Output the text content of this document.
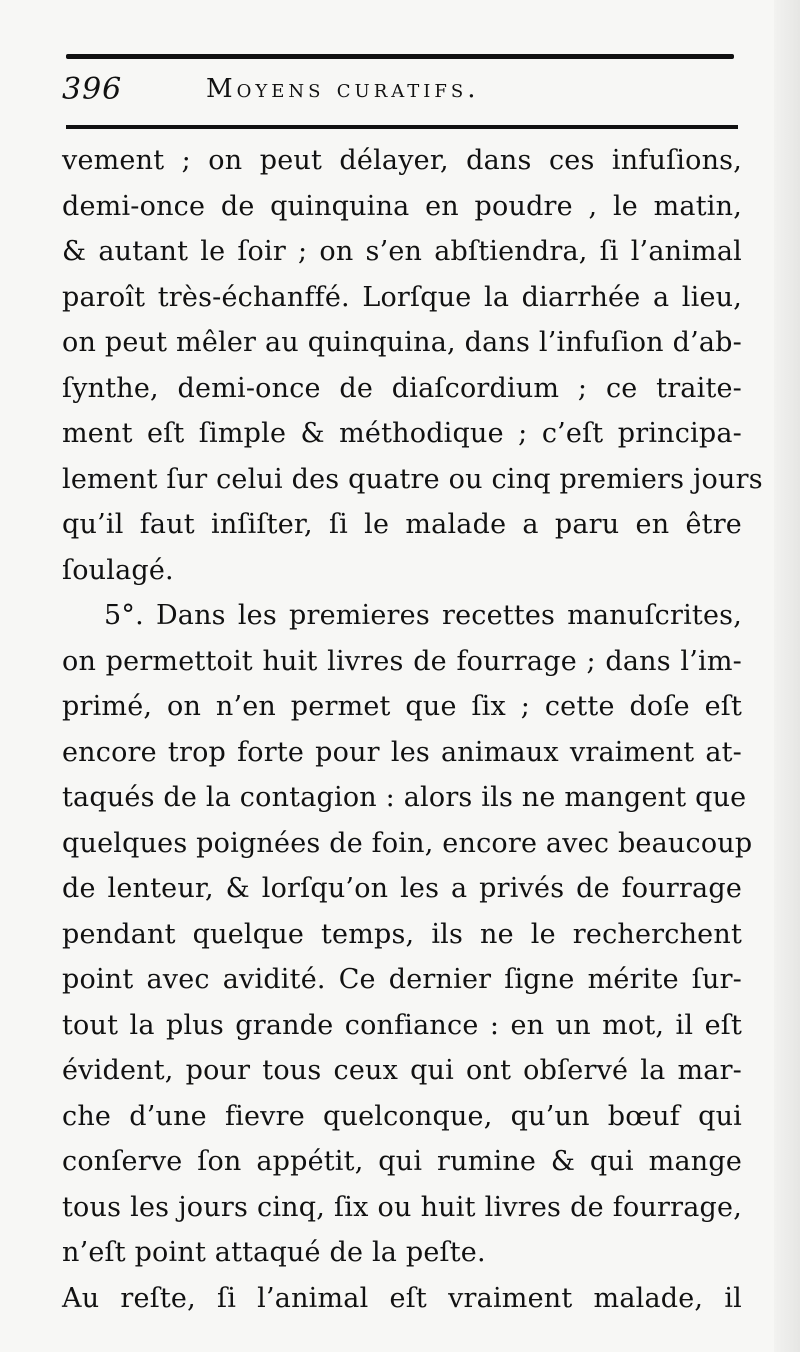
396	Moyens curatifs.
vement ; on peut délayer, dans ces infuſions,
demi-once de quinquina en poudre , le matin,
& autant le ſoir ; on s’en abſtiendra, ſi l’animal
paroît très-échanffé. Lorſque la diarrhée a lieu,
on peut mêler au quinquina, dans l’infuſion d’ab-
ſynthe, demi-once de diaſcordium ; ce traite-
ment eſt ſimple & méthodique ; c’eſt principa-
lement ſur celui des quatre ou cinq premiers jours
qu’il faut inſiſter, ſi le malade a paru en être
ſoulagé.
5°. Dans les premieres recettes manuſcrites,
on permettoit huit livres de fourrage ; dans l’im-
primé, on n’en permet que ſix ; cette doſe eſt
encore trop forte pour les animaux vraiment at-
taqués de la contagion : alors ils ne mangent que
quelques poignées de foin, encore avec beaucoup
de lenteur, & lorſqu’on les a privés de fourrage
pendant quelque temps, ils ne le recherchent
point avec avidité. Ce dernier ſigne mérite ſur-
tout la plus grande confiance : en un mot, il eſt
évident, pour tous ceux qui ont obſervé la mar-
che d’une fievre quelconque, qu’un bœuf qui
conſerve ſon appétit, qui rumine & qui mange
tous les jours cinq, ſix ou huit livres de fourrage,
n’eſt point attaqué de la peſte.
Au reſte, ſi l’animal eſt vraiment malade, il
